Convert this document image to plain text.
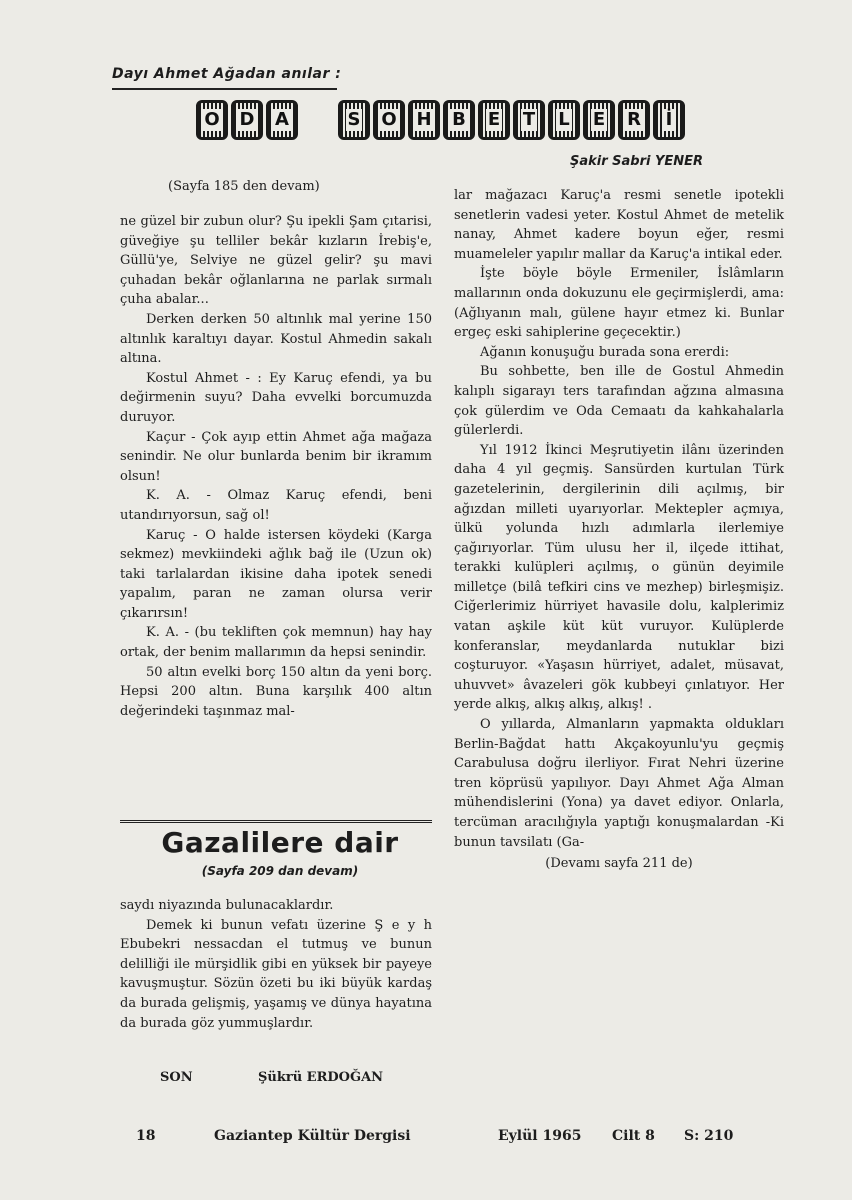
Dayı Ahmet Ağadan anılar :
O D A	S O H B E T L E R İ
Şakir Sabri YENER
(Sayfa 185 den devam)

ne güzel bir zubun olur? Şu ipekli Şam çıtarisi, güveğiye şu telliler bekâr kızların İrebiş'e, Güllü'ye, Selviye ne güzel gelir? şu mavi çuhadan bekâr oğlanlarına ne parlak sırmalı çuha abalar...

Derken derken 50 altınlık mal yerine 150 altınlık karaltıyı dayar. Kostul Ahmedin sakalı altına.

Kostul Ahmet - : Ey Karuç efendi, ya bu değirmenin suyu? Daha evvelki borcumuzda duruyor.

Kaçur - Çok ayıp ettin Ahmet ağa mağaza senindir. Ne olur bunlarda benim bir ikramım olsun!

K. A. - Olmaz Karuç efendi, beni utandırıyorsun, sağ ol!

Karuç - O halde istersen köydeki (Karga sekmez) mevkiindeki ağlık bağ ile (Uzun ok) taki tarlalardan ikisine daha ipotek senedi yapalım, paran ne zaman olursa verir çıkarırsın!

K. A. - (bu tekliften çok memnun) hay hay ortak, der benim mallarımın da hepsi senindir.

50 altın evelki borç 150 altın da yeni borç. Hepsi 200 altın. Buna karşılık 400 altın değerindeki taşınmaz mal-

Gazalilere dair
(Sayfa 209 dan devam)

saydı niyazında bulunacaklardır.

Demek ki bunun vefatı üzerine Ş e y h Ebubekri nessacdan el tutmuş ve bunun delilliği ile mürşidlik gibi en yüksek bir payeye kavuşmuştur. Sözün özeti bu iki büyük kardaş da burada gelişmiş, yaşamış ve dünya hayatına da burada göz yummuşlardır.

SON	Şükrü ERDOĞAN

lar mağazacı Karuç'a resmi senetle ipotekli senetlerin vadesi yeter. Kostul Ahmet de metelik nanay, Ahmet kadere boyun eğer, resmi muameleler yapılır mallar da Karuç'a intikal eder.

İşte böyle böyle Ermeniler, İslâmların mallarının onda dokuzunu ele geçirmişlerdi, ama: (Ağlıyanın malı, gülene hayır etmez ki. Bunlar ergeç eski sahiplerine geçecektir.)

Ağanın konuşuğu burada sona ererdi:

Bu sohbette, ben ille de Gostul Ahmedin kalıplı sigarayı ters tarafından ağzına almasına çok gülerdim ve Oda Cemaatı da kahkahalarla gülerlerdi.

Yıl 1912 İkinci Meşrutiyetin ilânı üzerinden daha 4 yıl geçmiş. Sansürden kurtulan Türk gazetelerinin, dergilerinin dili açılmış, bir ağızdan milleti uyarıyorlar. Mektepler açmıya, ülkü yolunda hızlı adımlarla ilerlemiye çağırıyorlar. Tüm ulusu her il, ilçede ittihat, terakki kulüpleri açılmış, o günün deyimile milletçe (bilâ tefkiri cins ve mezhep) birleşmişiz. Ciğerlerimiz hürriyet havasile dolu, kalplerimiz vatan aşkile küt küt vuruyor. Kulüplerde konferanslar, meydanlarda nutuklar bizi coşturuyor. «Yaşasın hürriyet, adalet, müsavat, uhuvvet» âvazeleri gök kubbeyi çınlatıyor. Her yerde alkış, alkış alkış, alkış! .

O yıllarda, Almanların yapmakta oldukları Berlin-Bağdat hattı Akçakoyunlu'yu geçmiş Carabulusa doğru ilerliyor. Fırat Nehri üzerine tren köprüsü yapılıyor. Dayı Ahmet Ağa Alman mühendislerini (Yona) ya davet ediyor. Onlarla, tercüman aracılığıyla yaptığı konuşmalardan -Ki bunun tavsilatı (Ga-

(Devamı sayfa 211 de)

18	Gaziantep Kültür Dergisi	Eylül 1965 Cilt 8 S: 210
